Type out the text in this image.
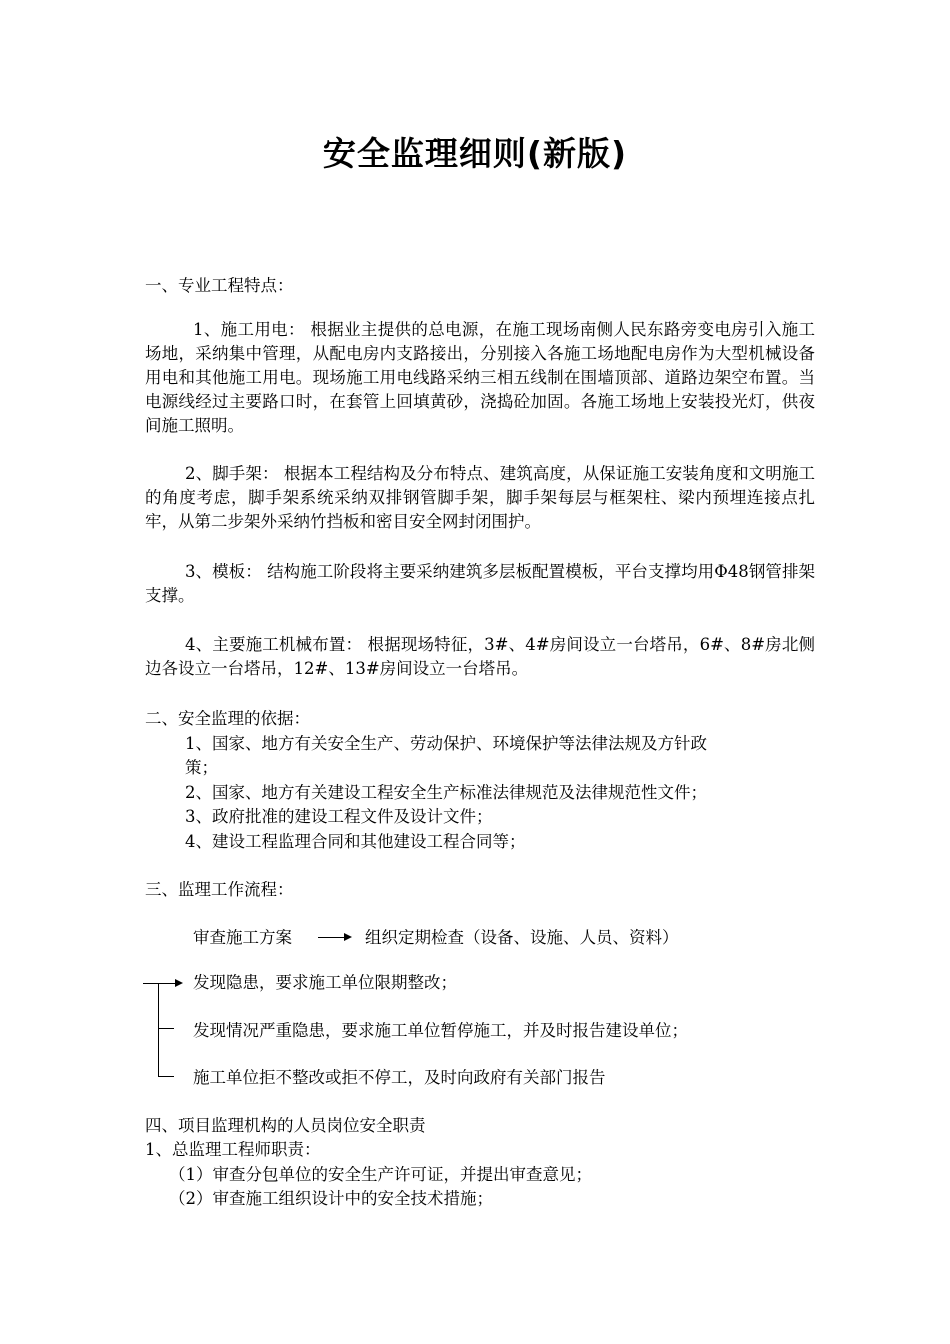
安全监理细则(新版)

一、专业工程特点：

1、施工用电： 根据业主提供的总电源，在施工现场南侧人民东路旁变电房引入施工场地，采纳集中管理，从配电房内支路接出，分别接入各施工场地配电房作为大型机械设备用电和其他施工用电。现场施工用电线路采纳三相五线制在围墙顶部、道路边架空布置。当电源线经过主要路口时，在套管上回填黄砂，浇捣砼加固。各施工场地上安装投光灯，供夜间施工照明。

2、脚手架： 根据本工程结构及分布特点、建筑高度，从保证施工安装角度和文明施工的角度考虑，脚手架系统采纳双排钢管脚手架，脚手架每层与框架柱、梁内预埋连接点扎牢，从第二步架外采纳竹挡板和密目安全网封闭围护。

3、模板： 结构施工阶段将主要采纳建筑多层板配置模板，平台支撑均用Φ48钢管排架支撑。

4、主要施工机械布置： 根据现场特征，3#、4#房间设立一台塔吊，6#、8#房北侧边各设立一台塔吊，12#、13#房间设立一台塔吊。

二、安全监理的依据：

1、国家、地方有关安全生产、劳动保护、环境保护等法律法规及方针政

策；

2、国家、地方有关建设工程安全生产标准法律规范及法律规范性文件；

3、政府批准的建设工程文件及设计文件；

4、建设工程监理合同和其他建设工程合同等；

三、监理工作流程：

审查施工方案	组织定期检查（设备、设施、人员、资料）

发现隐患，要求施工单位限期整改；

发现情况严重隐患，要求施工单位暂停施工，并及时报告建设单位；

施工单位拒不整改或拒不停工，及时向政府有关部门报告

四、项目监理机构的人员岗位安全职责

1、总监理工程师职责：

（1）审查分包单位的安全生产许可证，并提出审查意见；

（2）审查施工组织设计中的安全技术措施；
